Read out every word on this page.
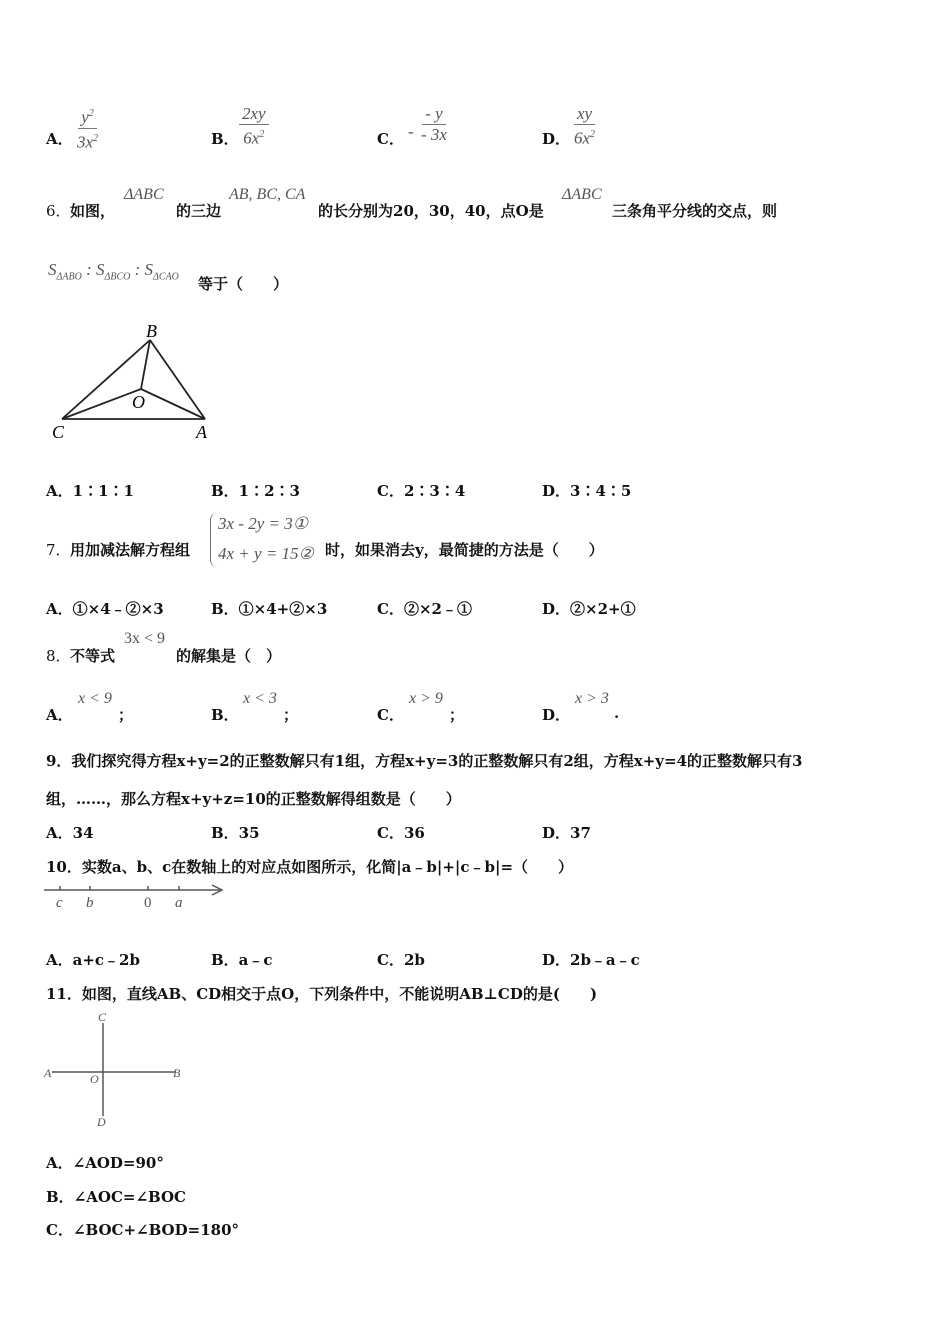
A． $\frac{y^2}{3x^2}$	B． $\frac{2xy}{6x^2}$	C． - $\frac{- y}{- 3x}$	D． $\frac{xy}{6x^2}$
6． 如图，
ΔABC
的三边
AB, BC, CA
的长分别为20，30，40，点O是
ΔABC
三条角平分线的交点，则
$S_{\Delta ABO}$ : $S_{\Delta BCO}$ : $S_{\Delta CAO}$ 等于（　　）
B
O
C	A
A．1∶1∶1	B．1∶2∶3	C．2∶3∶4	D．3∶4∶5
7． 用加减法解方程组
3x - 2y = 3①
4x + y = 15② 时，如果消去y，最简捷的方法是（　　）
A．①×4﹣②×3	B．①×4+②×3	C．②×2﹣①	D．②×2+①
8． 不等式
3x < 9
的解集是（　）
A．
x < 9
；	B．
x < 3
；	C．
x > 9
；	D．
x > 3
.
9．我们探究得方程x+y=2的正整数解只有1组，方程x+y=3的正整数解只有2组，方程x+y=4的正整数解只有3
组，……，那么方程x+y+z=10的正整数解得组数是（　　）
A．34	B．35	C．36	D．37
10．实数a、b、c在数轴上的对应点如图所示，化简|a﹣b|+|c﹣b|=（　　）
c b	0 a
A．a+c﹣2b	B．a﹣c	C．2b	D．2b﹣a﹣c
11．如图，直线AB、CD相交于点O，下列条件中，不能说明AB⊥CD的是(　　)
C
A	B
O
D
A．∠AOD=90°
B．∠AOC=∠BOC
C．∠BOC+∠BOD=180°
